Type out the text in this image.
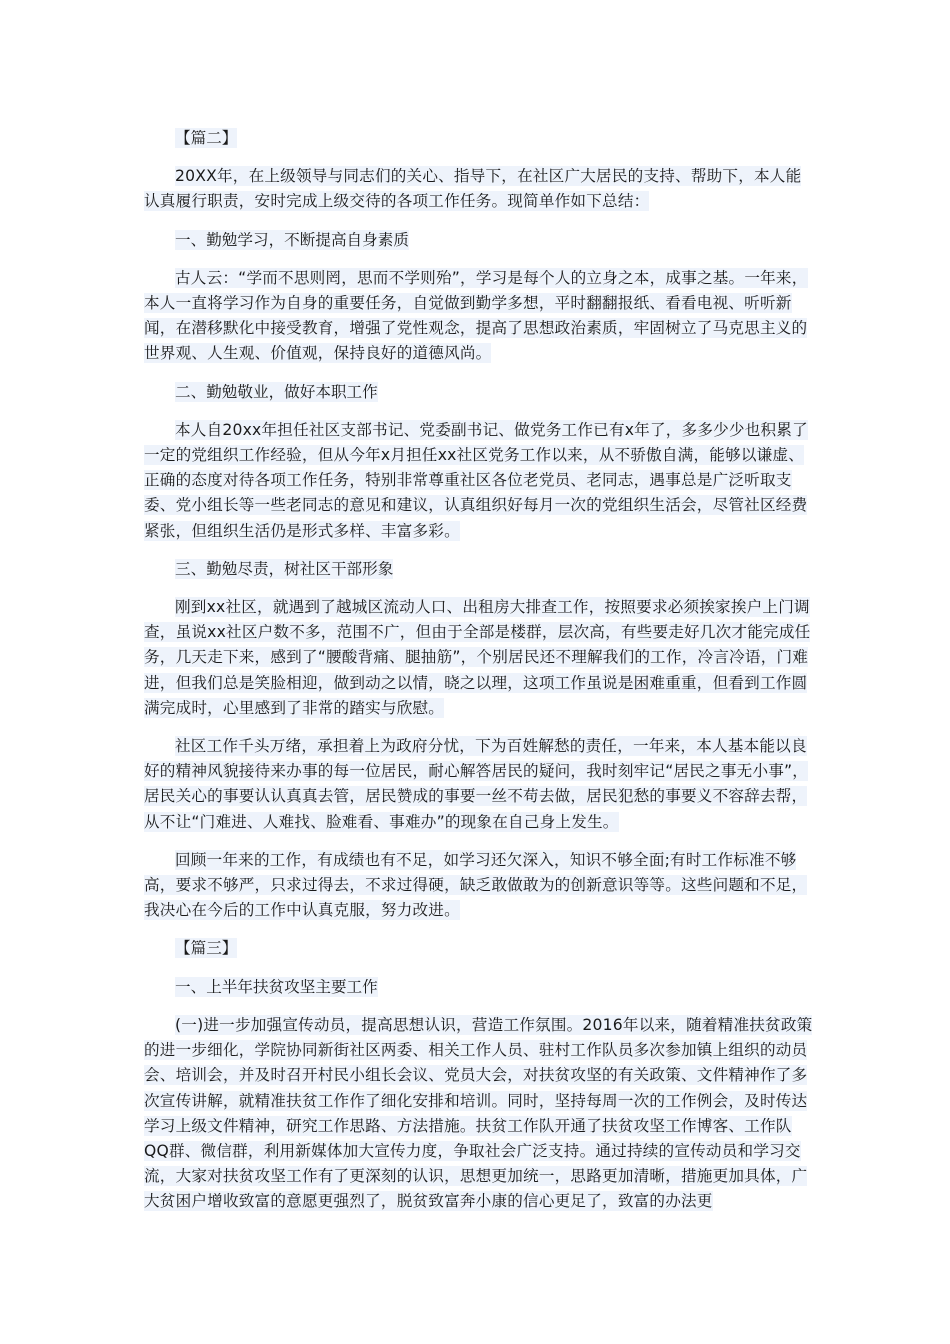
【篇二】

20XX年，在上级领导与同志们的关心、指导下，在社区广大居民的支持、帮助下，本人能认真履行职责，安时完成上级交待的各项工作任务。现简单作如下总结：

一、勤勉学习，不断提高自身素质

古人云：“学而不思则罔，思而不学则殆”，学习是每个人的立身之本，成事之基。一年来，本人一直将学习作为自身的重要任务，自觉做到勤学多想，平时翻翻报纸、看看电视、听听新闻，在潜移默化中接受教育，增强了党性观念，提高了思想政治素质，牢固树立了马克思主义的世界观、人生观、价值观，保持良好的道德风尚。

二、勤勉敬业，做好本职工作

本人自20xx年担任社区支部书记、党委副书记、做党务工作已有x年了，多多少少也积累了一定的党组织工作经验，但从今年x月担任xx社区党务工作以来，从不骄傲自满，能够以谦虚、正确的态度对待各项工作任务，特别非常尊重社区各位老党员、老同志，遇事总是广泛听取支委、党小组长等一些老同志的意见和建议，认真组织好每月一次的党组织生活会，尽管社区经费紧张，但组织生活仍是形式多样、丰富多彩。

三、勤勉尽责，树社区干部形象

刚到xx社区，就遇到了越城区流动人口、出租房大排查工作，按照要求必须挨家挨户上门调查，虽说xx社区户数不多，范围不广，但由于全部是楼群，层次高，有些要走好几次才能完成任务，几天走下来，感到了“腰酸背痛、腿抽筋”，个别居民还不理解我们的工作，冷言冷语，门难进，但我们总是笑脸相迎，做到动之以情，晓之以理，这项工作虽说是困难重重，但看到工作圆满完成时，心里感到了非常的踏实与欣慰。

社区工作千头万绪，承担着上为政府分忧，下为百姓解愁的责任，一年来，本人基本能以良好的精神风貌接待来办事的每一位居民，耐心解答居民的疑问，我时刻牢记“居民之事无小事”，居民关心的事要认认真真去管，居民赞成的事要一丝不苟去做，居民犯愁的事要义不容辞去帮，从不让“门难进、人难找、脸难看、事难办”的现象在自己身上发生。

回顾一年来的工作，有成绩也有不足，如学习还欠深入，知识不够全面;有时工作标准不够高，要求不够严，只求过得去，不求过得硬，缺乏敢做敢为的创新意识等等。这些问题和不足，我决心在今后的工作中认真克服，努力改进。

【篇三】

一、上半年扶贫攻坚主要工作

(一)进一步加强宣传动员，提高思想认识，营造工作氛围。2016年以来，随着精准扶贫政策的进一步细化，学院协同新街社区两委、相关工作人员、驻村工作队员多次参加镇上组织的动员会、培训会，并及时召开村民小组长会议、党员大会，对扶贫攻坚的有关政策、文件精神作了多次宣传讲解，就精准扶贫工作作了细化安排和培训。同时，坚持每周一次的工作例会，及时传达学习上级文件精神，研究工作思路、方法措施。扶贫工作队开通了扶贫攻坚工作博客、工作队QQ群、微信群，利用新媒体加大宣传力度，争取社会广泛支持。通过持续的宣传动员和学习交流，大家对扶贫攻坚工作有了更深刻的认识，思想更加统一，思路更加清晰，措施更加具体，广大贫困户增收致富的意愿更强烈了，脱贫致富奔小康的信心更足了，致富的办法更
